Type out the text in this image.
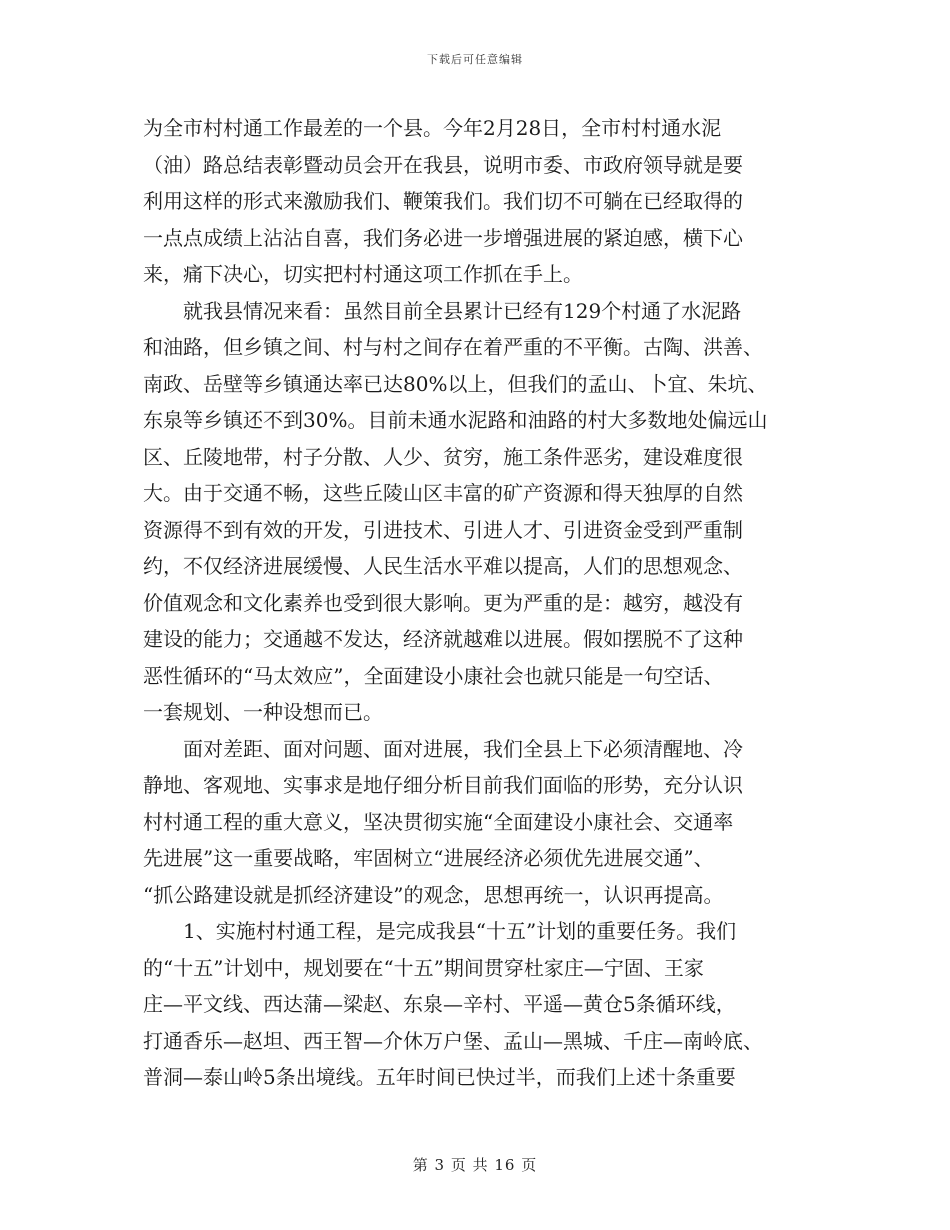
下载后可任意编辑
为全市村村通工作最差的一个县。今年2月28日，全市村村通水泥
（油）路总结表彰暨动员会开在我县，说明市委、市政府领导就是要
利用这样的形式来激励我们、鞭策我们。我们切不可躺在已经取得的
一点点成绩上沾沾自喜，我们务必进一步增强进展的紧迫感，横下心
来，痛下决心，切实把村村通这项工作抓在手上。
就我县情况来看：虽然目前全县累计已经有129个村通了水泥路
和油路，但乡镇之间、村与村之间存在着严重的不平衡。古陶、洪善、
南政、岳壁等乡镇通达率已达80%以上，但我们的孟山、卜宜、朱坑、
东泉等乡镇还不到30%。目前未通水泥路和油路的村大多数地处偏远山
区、丘陵地带，村子分散、人少、贫穷，施工条件恶劣，建设难度很
大。由于交通不畅，这些丘陵山区丰富的矿产资源和得天独厚的自然
资源得不到有效的开发，引进技术、引进人才、引进资金受到严重制
约，不仅经济进展缓慢、人民生活水平难以提高，人们的思想观念、
价值观念和文化素养也受到很大影响。更为严重的是：越穷，越没有
建设的能力；交通越不发达，经济就越难以进展。假如摆脱不了这种
恶性循环的“马太效应”，全面建设小康社会也就只能是一句空话、
一套规划、一种设想而已。
面对差距、面对问题、面对进展，我们全县上下必须清醒地、冷
静地、客观地、实事求是地仔细分析目前我们面临的形势，充分认识
村村通工程的重大意义，坚决贯彻实施“全面建设小康社会、交通率
先进展”这一重要战略，牢固树立“进展经济必须优先进展交通”、
“抓公路建设就是抓经济建设”的观念，思想再统一，认识再提高。
1、实施村村通工程，是完成我县“十五”计划的重要任务。我们
的“十五”计划中，规划要在“十五”期间贯穿杜家庄—宁固、王家
庄—平文线、西达蒲—梁赵、东泉—辛村、平遥—黄仓5条循环线，
打通香乐—赵坦、西王智—介休万户堡、孟山—黑城、千庄—南岭底、
普洞—泰山岭5条出境线。五年时间已快过半，而我们上述十条重要
第 3 页 共 16 页
